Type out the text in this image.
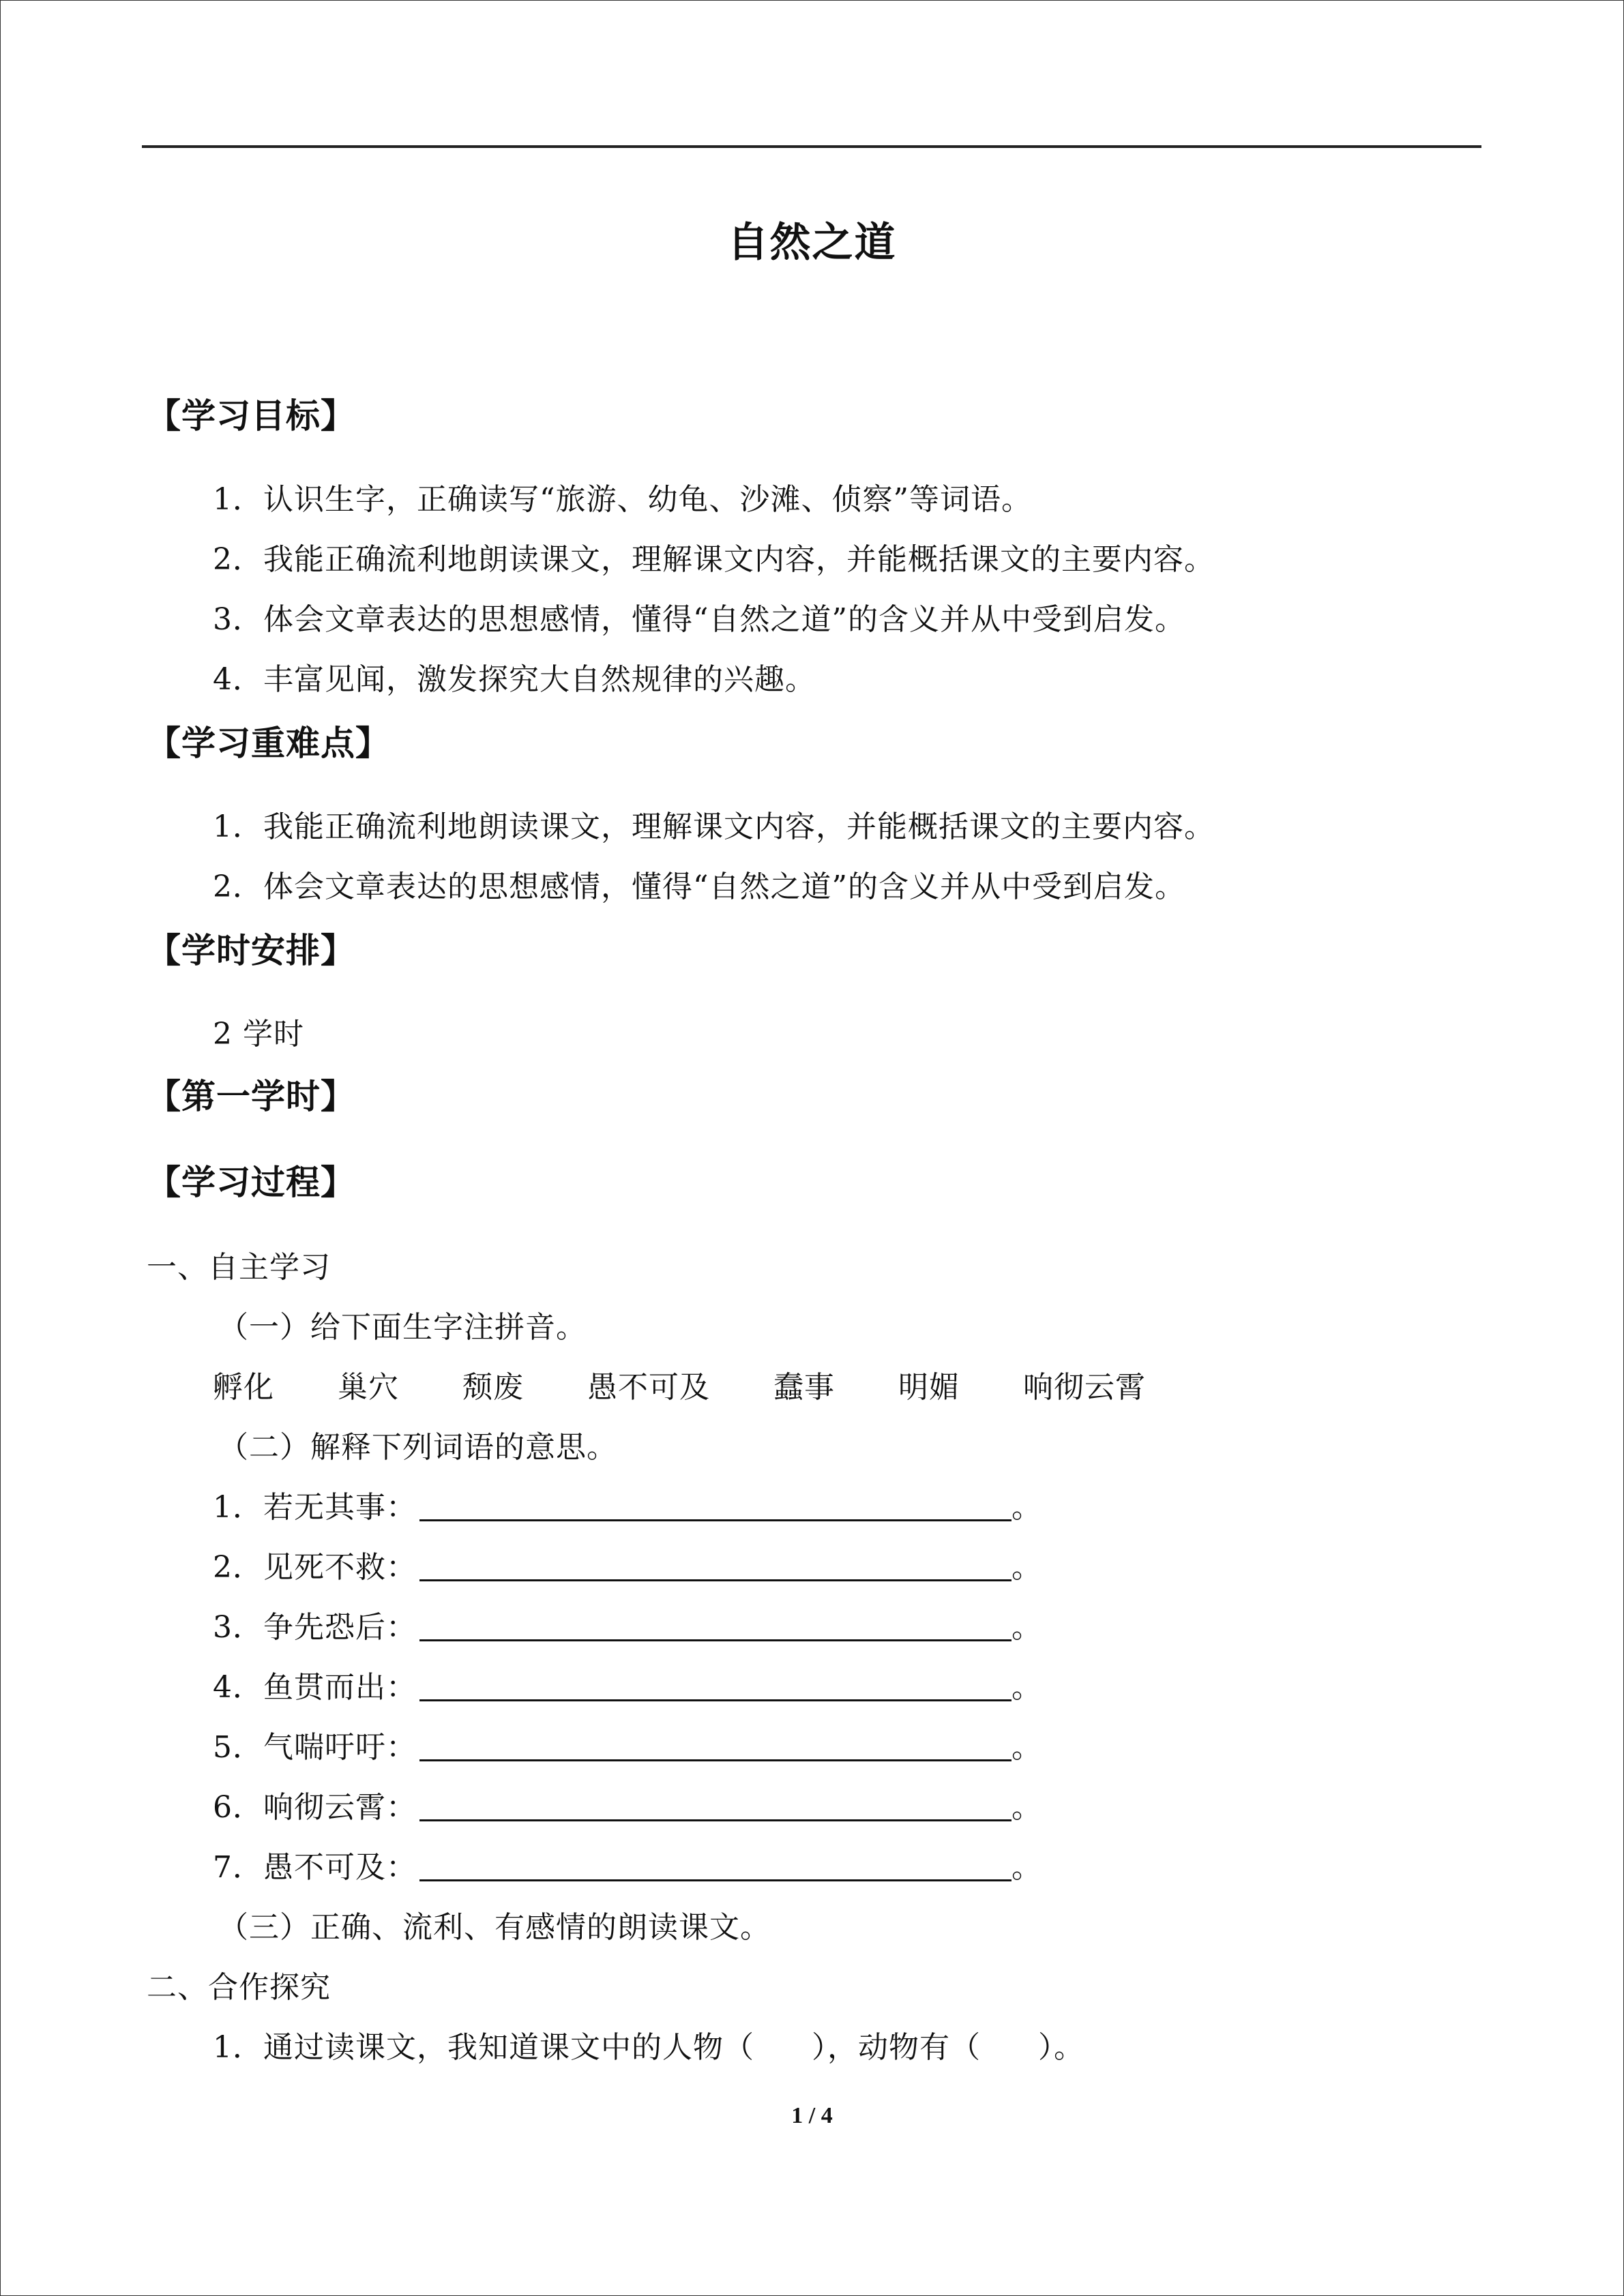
自然之道
【学习目标】
1．认识生字，正确读写“旅游、幼龟、沙滩、侦察”等词语。
2．我能正确流利地朗读课文，理解课文内容，并能概括课文的主要内容。
3．体会文章表达的思想感情，懂得“自然之道”的含义并从中受到启发。
4．丰富见闻，激发探究大自然规律的兴趣。
【学习重难点】
1．我能正确流利地朗读课文，理解课文内容，并能概括课文的主要内容。
2．体会文章表达的思想感情，懂得“自然之道”的含义并从中受到启发。
【学时安排】
2 学时
【第一学时】
【学习过程】
一、自主学习
（一）给下面生字注拼音。
孵化 巢穴 颓废 愚不可及 蠢事 明媚 响彻云霄
（二）解释下列词语的意思。
1．若无其事：	。
2．见死不救：	。
3．争先恐后：	。
4．鱼贯而出：	。
5．气喘吁吁：	。
6．响彻云霄：	。
7．愚不可及：	。
（三）正确、流利、有感情的朗读课文。
二、合作探究
1．通过读课文，我知道课文中的人物（ ），动物有（ ）。
1 / 4
